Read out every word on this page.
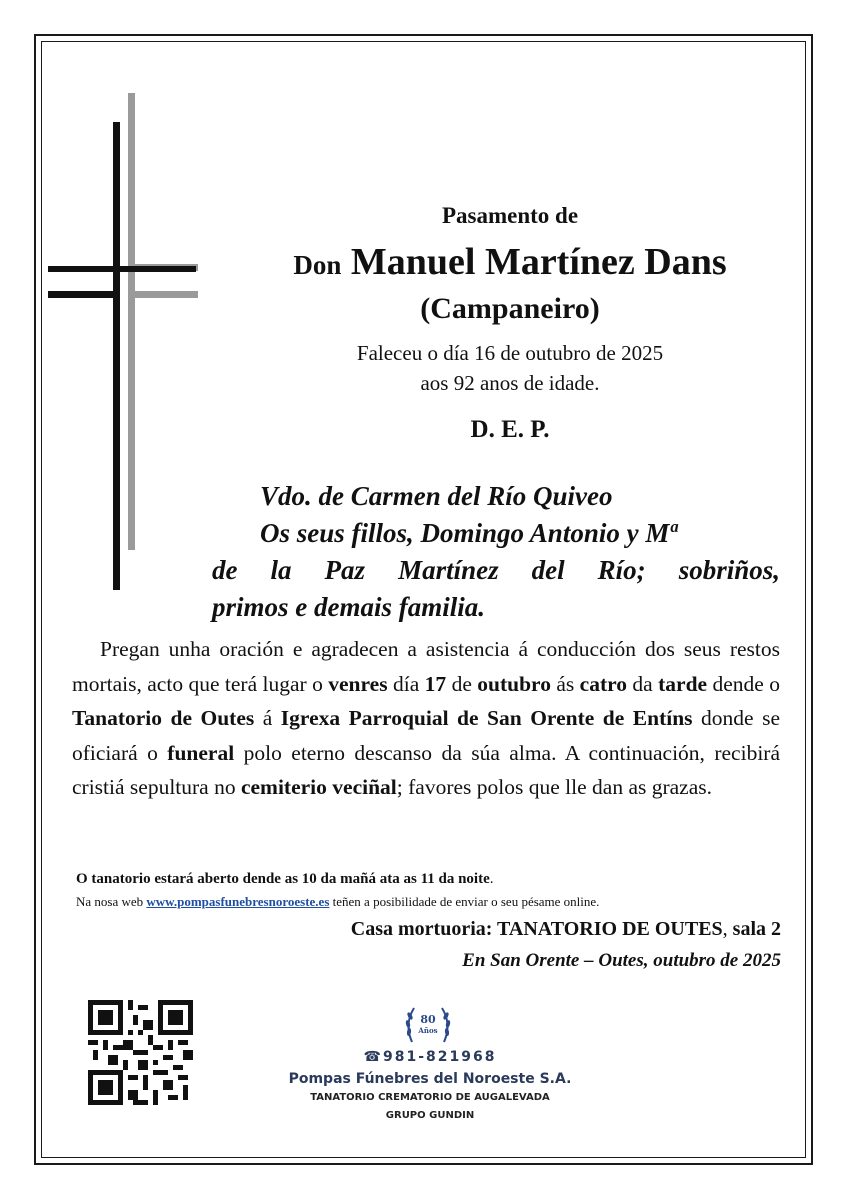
Pasamento de
Don Manuel Martínez Dans
(Campaneiro)
Faleceu o día 16 de outubro de 2025
aos 92 anos de idade.
D. E. P.
Vdo. de Carmen del Río Quiveo
Os seus fillos, Domingo Antonio y Mª
de la Paz Martínez del Río; sobriños,
primos e demais familia.
Pregan unha oración e agradecen a asistencia á conducción dos seus restos mortais, acto que terá lugar o venres día 17 de outubro ás catro da tarde dende o Tanatorio de Outes á Igrexa Parroquial de San Orente de Entíns donde se oficiará o funeral polo eterno descanso da súa alma. A continuación, recibirá cristiá sepultura no cemiterio veciñal; favores polos que lle dan as grazas.
O tanatorio estará aberto dende as 10 da mañá ata as 11 da noite.
Na nosa web www.pompasfunebresnoroeste.es teñen a posibilidade de enviar o seu pésame online.
Casa mortuoria: TANATORIO DE OUTES, sala 2
En San Orente – Outes, outubro de 2025
80
Años
☎981-821968
Pompas Fúnebres del Noroeste S.A.
TANATORIO CREMATORIO DE AUGALEVADA
GRUPO GUNDIN
